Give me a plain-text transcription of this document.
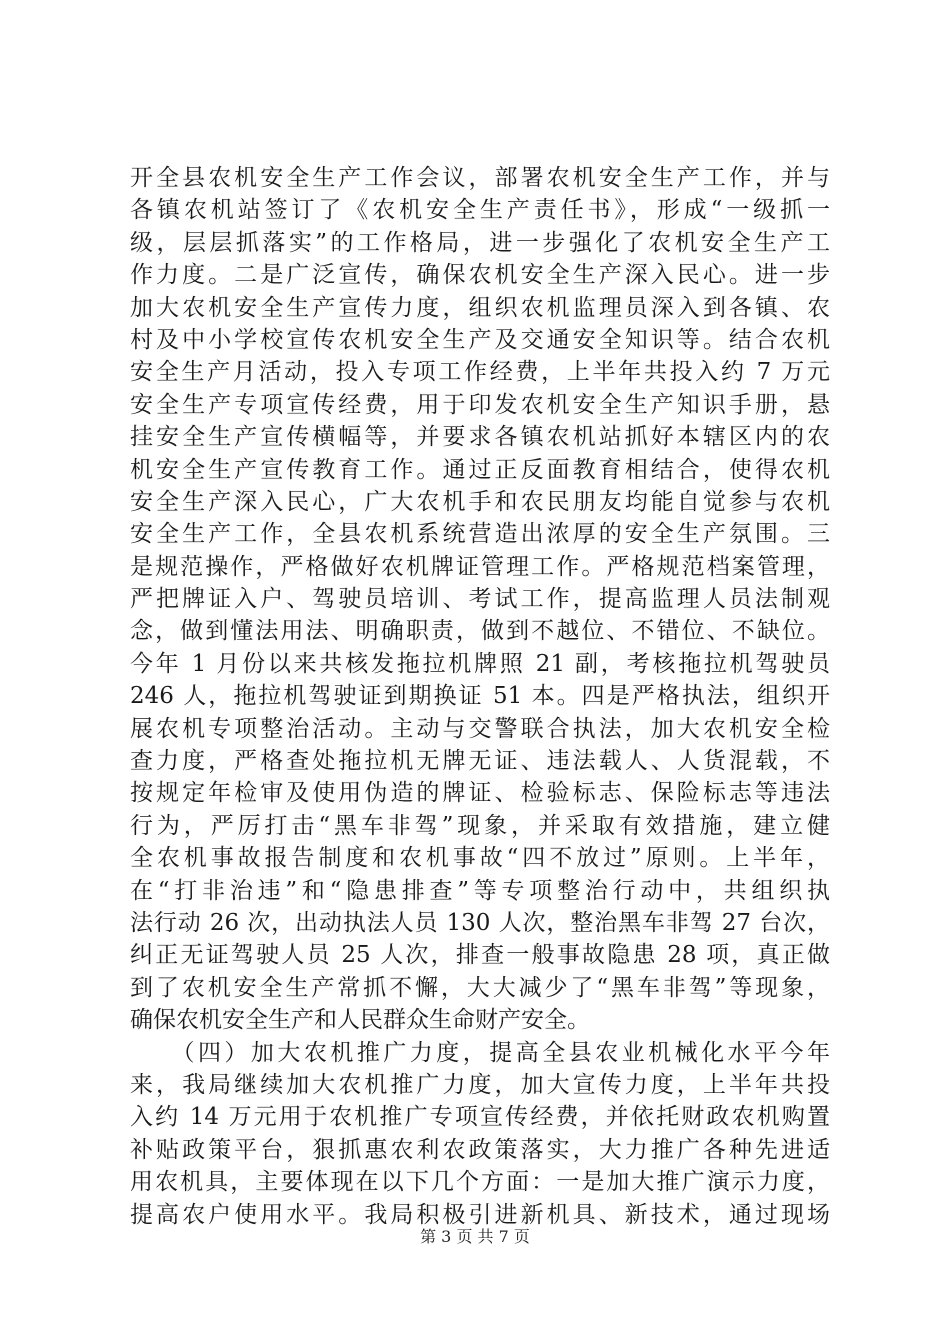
开全县农机安全生产工作会议，部署农机安全生产工作，并与
各镇农机站签订了《农机安全生产责任书》，形成“一级抓一
级，层层抓落实”的工作格局，进一步强化了农机安全生产工
作力度。二是广泛宣传，确保农机安全生产深入民心。进一步
加大农机安全生产宣传力度，组织农机监理员深入到各镇、农
村及中小学校宣传农机安全生产及交通安全知识等。结合农机
安全生产月活动，投入专项工作经费，上半年共投入约 7 万元
安全生产专项宣传经费，用于印发农机安全生产知识手册，悬
挂安全生产宣传横幅等，并要求各镇农机站抓好本辖区内的农
机安全生产宣传教育工作。通过正反面教育相结合，使得农机
安全生产深入民心，广大农机手和农民朋友均能自觉参与农机
安全生产工作，全县农机系统营造出浓厚的安全生产氛围。三
是规范操作，严格做好农机牌证管理工作。严格规范档案管理，
严把牌证入户、驾驶员培训、考试工作，提高监理人员法制观
念，做到懂法用法、明确职责，做到不越位、不错位、不缺位。
今年 1 月份以来共核发拖拉机牌照 21 副，考核拖拉机驾驶员
246 人，拖拉机驾驶证到期换证 51 本。四是严格执法，组织开
展农机专项整治活动。主动与交警联合执法，加大农机安全检
查力度，严格查处拖拉机无牌无证、违法载人、人货混载，不
按规定年检审及使用伪造的牌证、检验标志、保险标志等违法
行为，严厉打击“黑车非驾”现象，并采取有效措施，建立健
全农机事故报告制度和农机事故“四不放过”原则。上半年，
在“打非治违”和“隐患排查”等专项整治行动中，共组织执
法行动 26 次，出动执法人员 130 人次，整治黑车非驾 27 台次，
纠正无证驾驶人员 25 人次，排查一般事故隐患 28 项，真正做
到了农机安全生产常抓不懈，大大减少了“黑车非驾”等现象，
确保农机安全生产和人民群众生命财产安全。
　　（四）加大农机推广力度，提高全县农业机械化水平今年
来，我局继续加大农机推广力度，加大宣传力度，上半年共投
入约 14 万元用于农机推广专项宣传经费，并依托财政农机购置
补贴政策平台，狠抓惠农利农政策落实，大力推广各种先进适
用农机具，主要体现在以下几个方面：一是加大推广演示力度，
提高农户使用水平。我局积极引进新机具、新技术，通过现场
第 3 页 共 7 页
